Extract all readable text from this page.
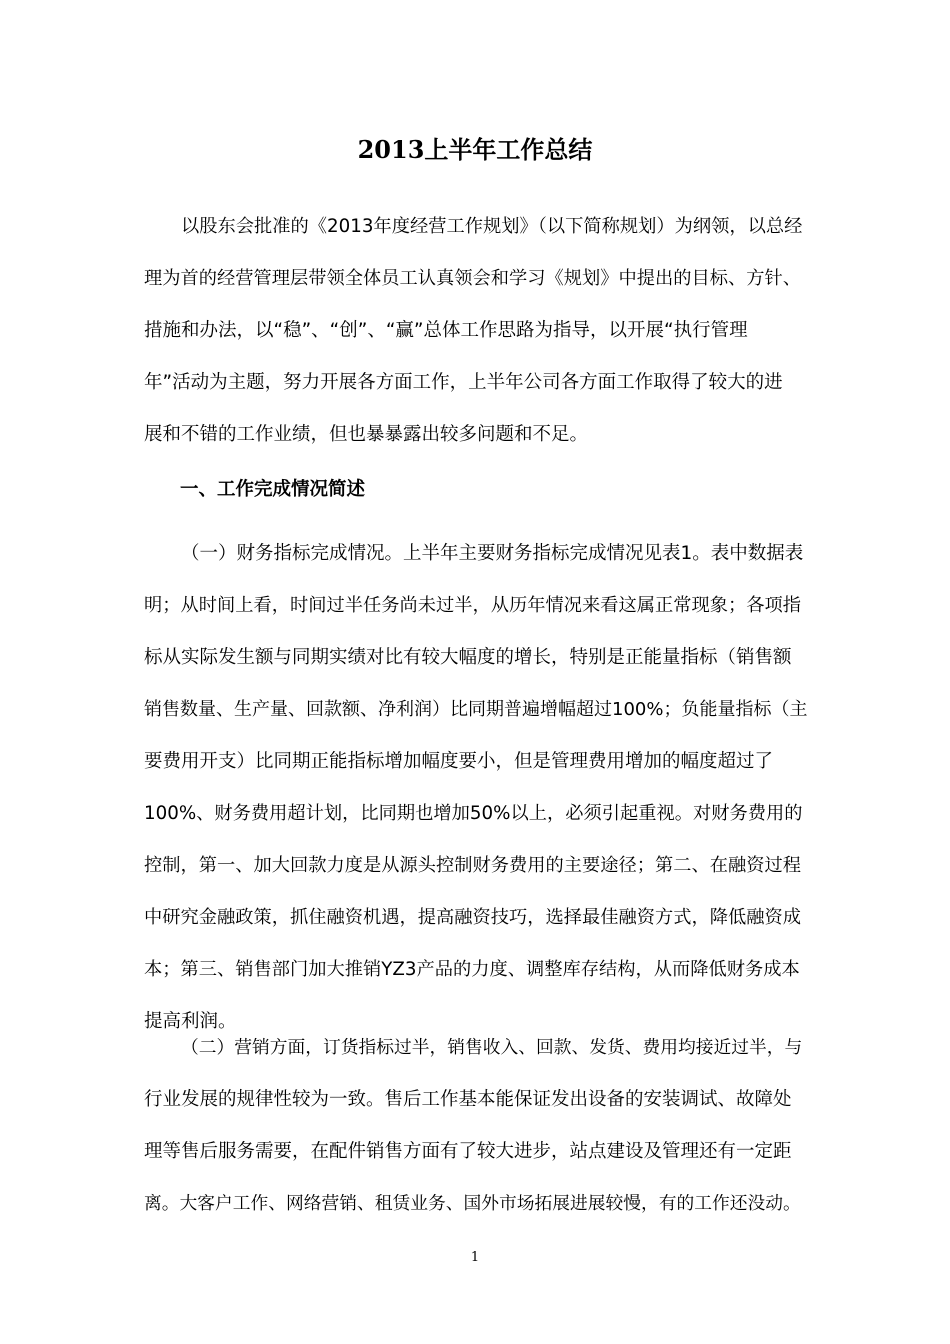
2013上半年工作总结
以股东会批准的《2013年度经营工作规划》（以下简称规划）为纲领，以总经
理为首的经营管理层带领全体员工认真领会和学习《规划》中提出的目标、方针、
措施和办法，以“稳”、“创”、“赢”总体工作思路为指导，以开展“执行管理
年”活动为主题，努力开展各方面工作，上半年公司各方面工作取得了较大的进
展和不错的工作业绩，但也暴暴露出较多问题和不足。
一、工作完成情况简述
（一）财务指标完成情况。上半年主要财务指标完成情况见表1。表中数据表
明；从时间上看，时间过半任务尚未过半，从历年情况来看这属正常现象；各项指
标从实际发生额与同期实绩对比有较大幅度的增长，特别是正能量指标（销售额
销售数量、生产量、回款额、净利润）比同期普遍增幅超过100%；负能量指标（主
要费用开支）比同期正能指标增加幅度要小，但是管理费用增加的幅度超过了
100%、财务费用超计划，比同期也增加50%以上，必须引起重视。对财务费用的
控制，第一、加大回款力度是从源头控制财务费用的主要途径；第二、在融资过程
中研究金融政策，抓住融资机遇，提高融资技巧，选择最佳融资方式，降低融资成
本；第三、销售部门加大推销YZ3产品的力度、调整库存结构，从而降低财务成本
提高利润。
（二）营销方面，订货指标过半，销售收入、回款、发货、费用均接近过半，与
行业发展的规律性较为一致。售后工作基本能保证发出设备的安装调试、故障处
理等售后服务需要，在配件销售方面有了较大进步，站点建设及管理还有一定距
离。大客户工作、网络营销、租赁业务、国外市场拓展进展较慢，有的工作还没动。
1
